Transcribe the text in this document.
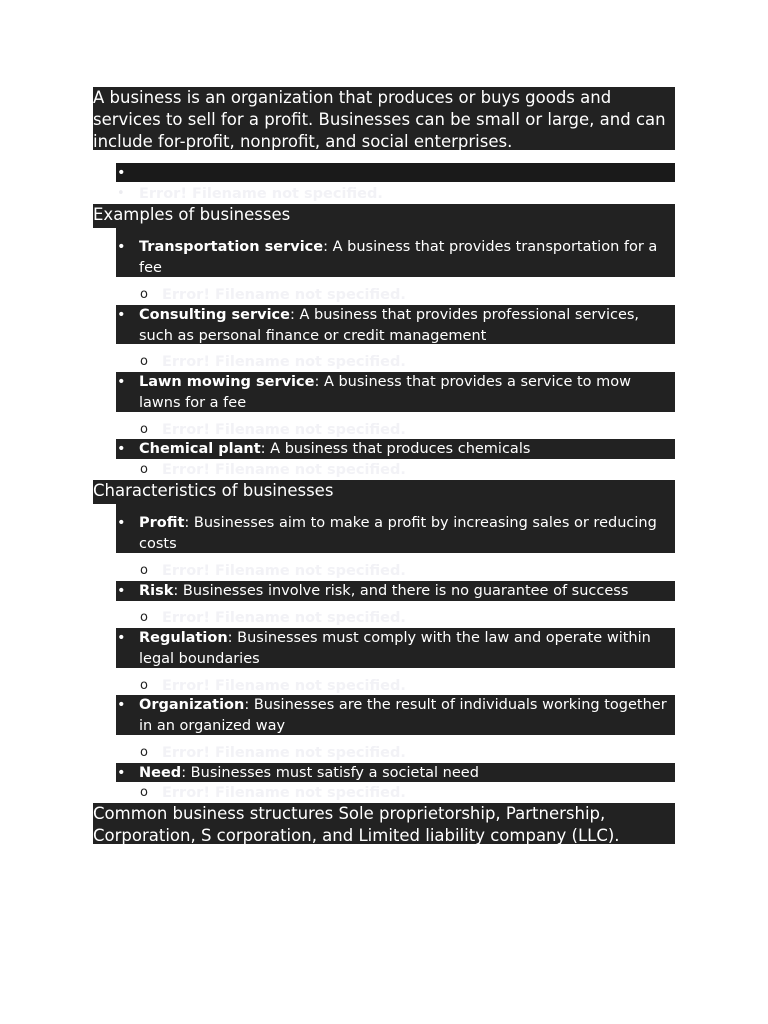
A business is an organization that produces or buys goods and services to sell for a profit. Businesses can be small or large, and can include for-profit, nonprofit, and social enterprises.
•
• Error! Filename not specified.
Examples of businesses
• Transportation service: A business that provides transportation for a fee
o Error! Filename not specified.
• Consulting service: A business that provides professional services, such as personal finance or credit management
o Error! Filename not specified.
• Lawn mowing service: A business that provides a service to mow lawns for a fee
o Error! Filename not specified.
• Chemical plant: A business that produces chemicals
o Error! Filename not specified.
Characteristics of businesses
• Profit: Businesses aim to make a profit by increasing sales or reducing costs
o Error! Filename not specified.
• Risk: Businesses involve risk, and there is no guarantee of success
o Error! Filename not specified.
• Regulation: Businesses must comply with the law and operate within legal boundaries
o Error! Filename not specified.
• Organization: Businesses are the result of individuals working together in an organized way
o Error! Filename not specified.
• Need: Businesses must satisfy a societal need
o Error! Filename not specified.
Common business structures Sole proprietorship, Partnership, Corporation, S corporation, and Limited liability company (LLC).
